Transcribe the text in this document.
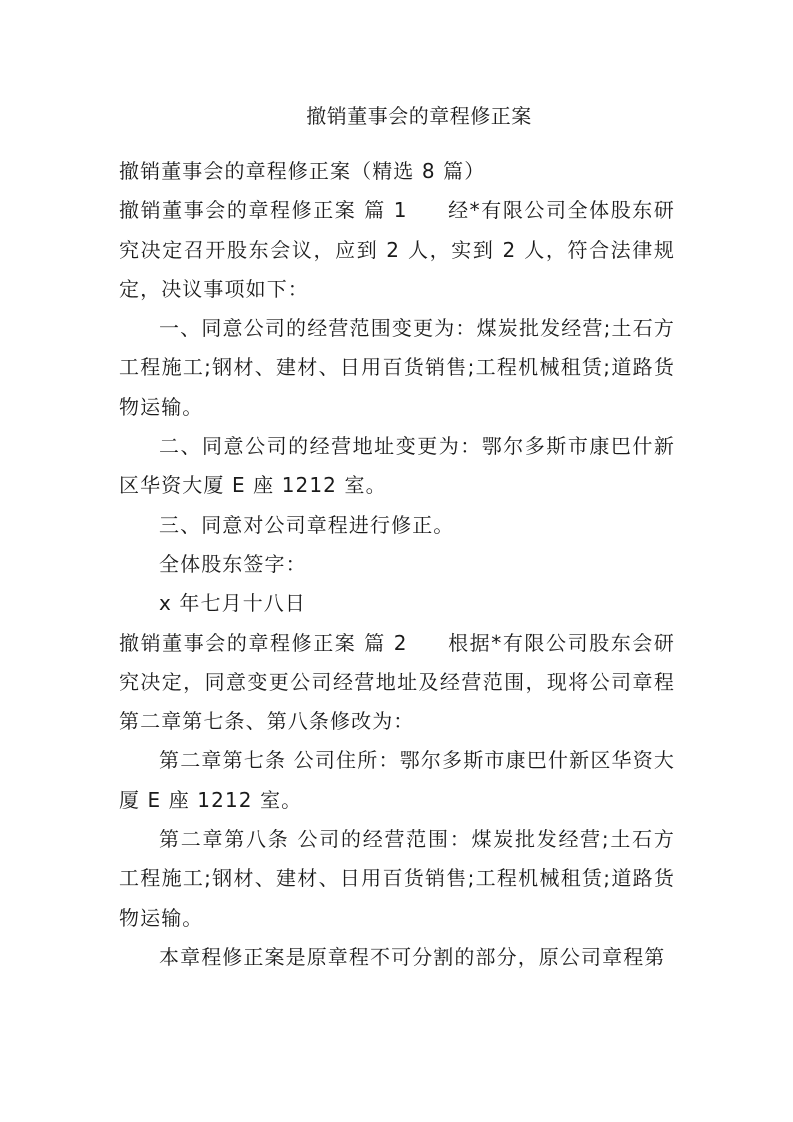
撤销董事会的章程修正案

撤销董事会的章程修正案（精选 8 篇）

撤销董事会的章程修正案 篇 1 经*有限公司全体股东研究决定召开股东会议，应到 2 人，实到 2 人，符合法律规定，决议事项如下：

一、同意公司的经营范围变更为：煤炭批发经营;土石方工程施工;钢材、建材、日用百货销售;工程机械租赁;道路货物运输。

二、同意公司的经营地址变更为：鄂尔多斯市康巴什新区华资大厦 E 座 1212 室。

三、同意对公司章程进行修正。

全体股东签字：

x 年七月十八日

撤销董事会的章程修正案 篇 2 根据*有限公司股东会研究决定，同意变更公司经营地址及经营范围，现将公司章程第二章第七条、第八条修改为：

第二章第七条 公司住所：鄂尔多斯市康巴什新区华资大厦 E 座 1212 室。

第二章第八条 公司的经营范围：煤炭批发经营;土石方工程施工;钢材、建材、日用百货销售;工程机械租赁;道路货物运输。

本章程修正案是原章程不可分割的部分，原公司章程第
